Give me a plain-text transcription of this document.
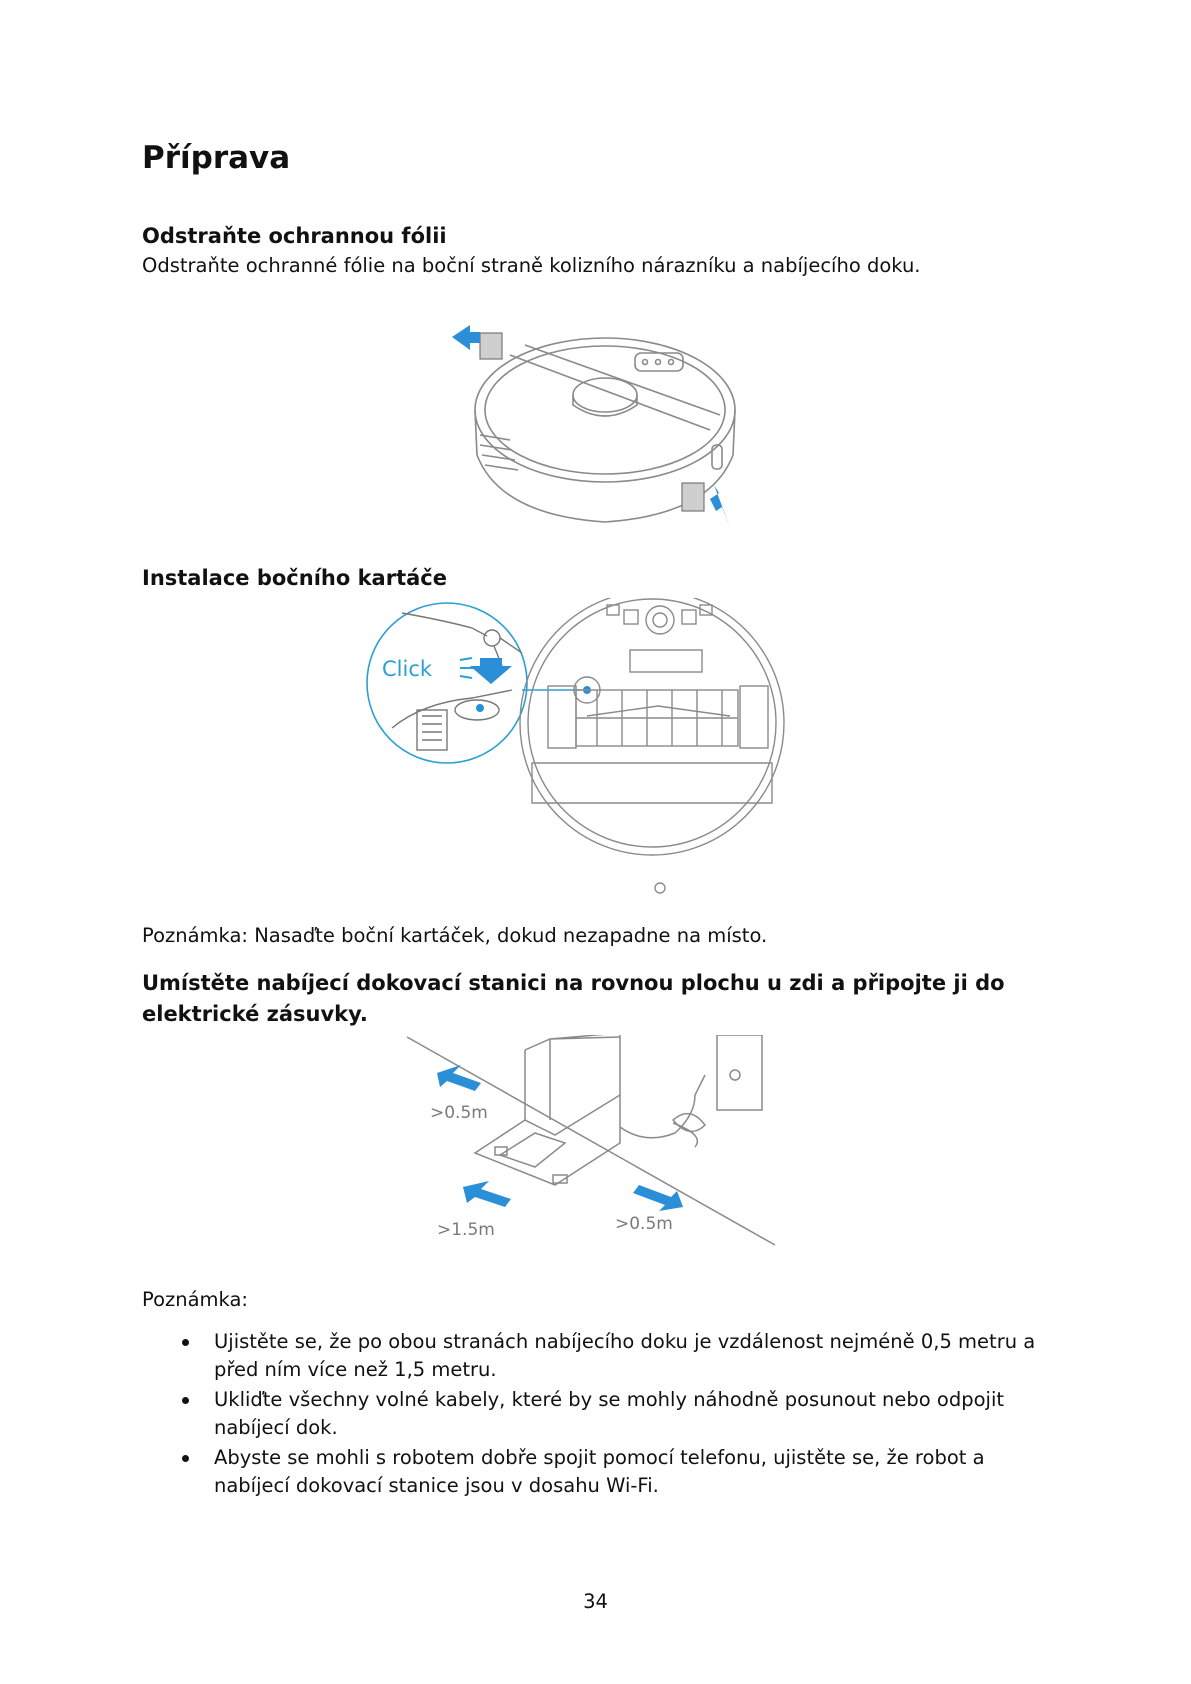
Příprava
Odstraňte ochrannou fólii

Odstraňte ochranné fólie na boční straně kolizního nárazníku a nabíjecího doku.

Instalace bočního kartáče
Click

Poznámka: Nasaďte boční kartáček, dokud nezapadne na místo.

Umístěte nabíjecí dokovací stanici na rovnou plochu u zdi a připojte ji do
elektrické zásuvky.
>0.5m
>1.5m	>0.5m

Poznámka:

Ujistěte se, že po obou stranách nabíjecího doku je vzdálenost nejméně 0,5 metru a
před ním více než 1,5 metru.
Ukliďte všechny volné kabely, které by se mohly náhodně posunout nebo odpojit
nabíjecí dok.
Abyste se mohli s robotem dobře spojit pomocí telefonu, ujistěte se, že robot a
nabíjecí dokovací stanice jsou v dosahu Wi-Fi.
34
